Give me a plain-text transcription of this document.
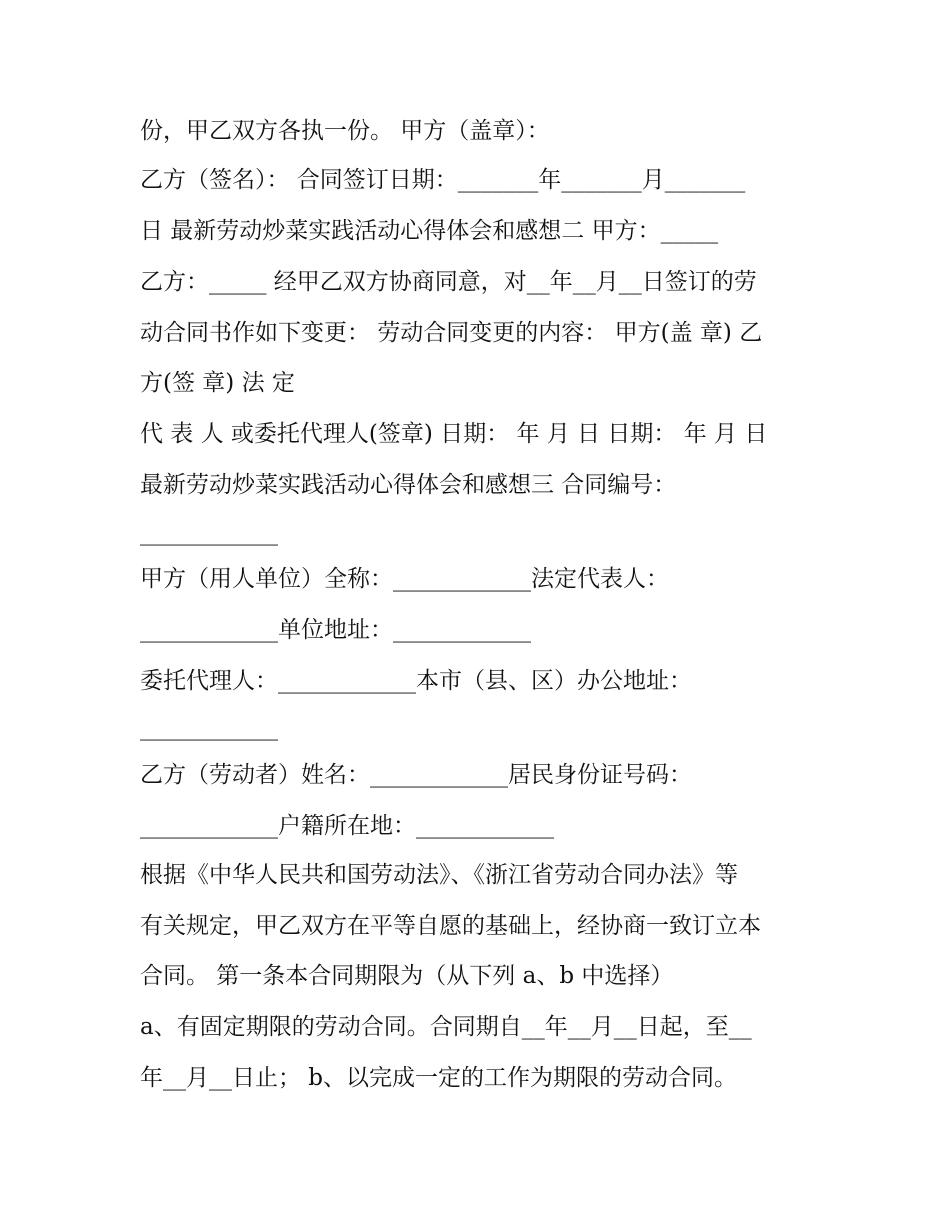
份，甲乙双方各执一份。 甲方（盖章）：
乙方（签名）： 合同签订日期：_______年_______月_______
日 最新劳动炒菜实践活动心得体会和感想二 甲方：_____
乙方：_____ 经甲乙双方协商同意，对__年__月__日签订的劳
动合同书作如下变更： 劳动合同变更的内容： 甲方(盖 章) 乙
方(签 章) 法 定
代 表 人 或委托代理人(签章) 日期： 年 月 日 日期： 年 月 日
最新劳动炒菜实践活动心得体会和感想三 合同编号：
____________
甲方（用人单位）全称：____________法定代表人：
____________单位地址：____________
委托代理人：____________本市（县、区）办公地址：
____________
乙方（劳动者）姓名：____________居民身份证号码：
____________户籍所在地：____________
根据《中华人民共和国劳动法》、《浙江省劳动合同办法》等
有关规定，甲乙双方在平等自愿的基础上，经协商一致订立本
合同。 第一条本合同期限为（从下列 a、b 中选择）
a、有固定期限的劳动合同。合同期自__年__月__日起，至__
年__月__日止； b、以完成一定的工作为期限的劳动合同。
